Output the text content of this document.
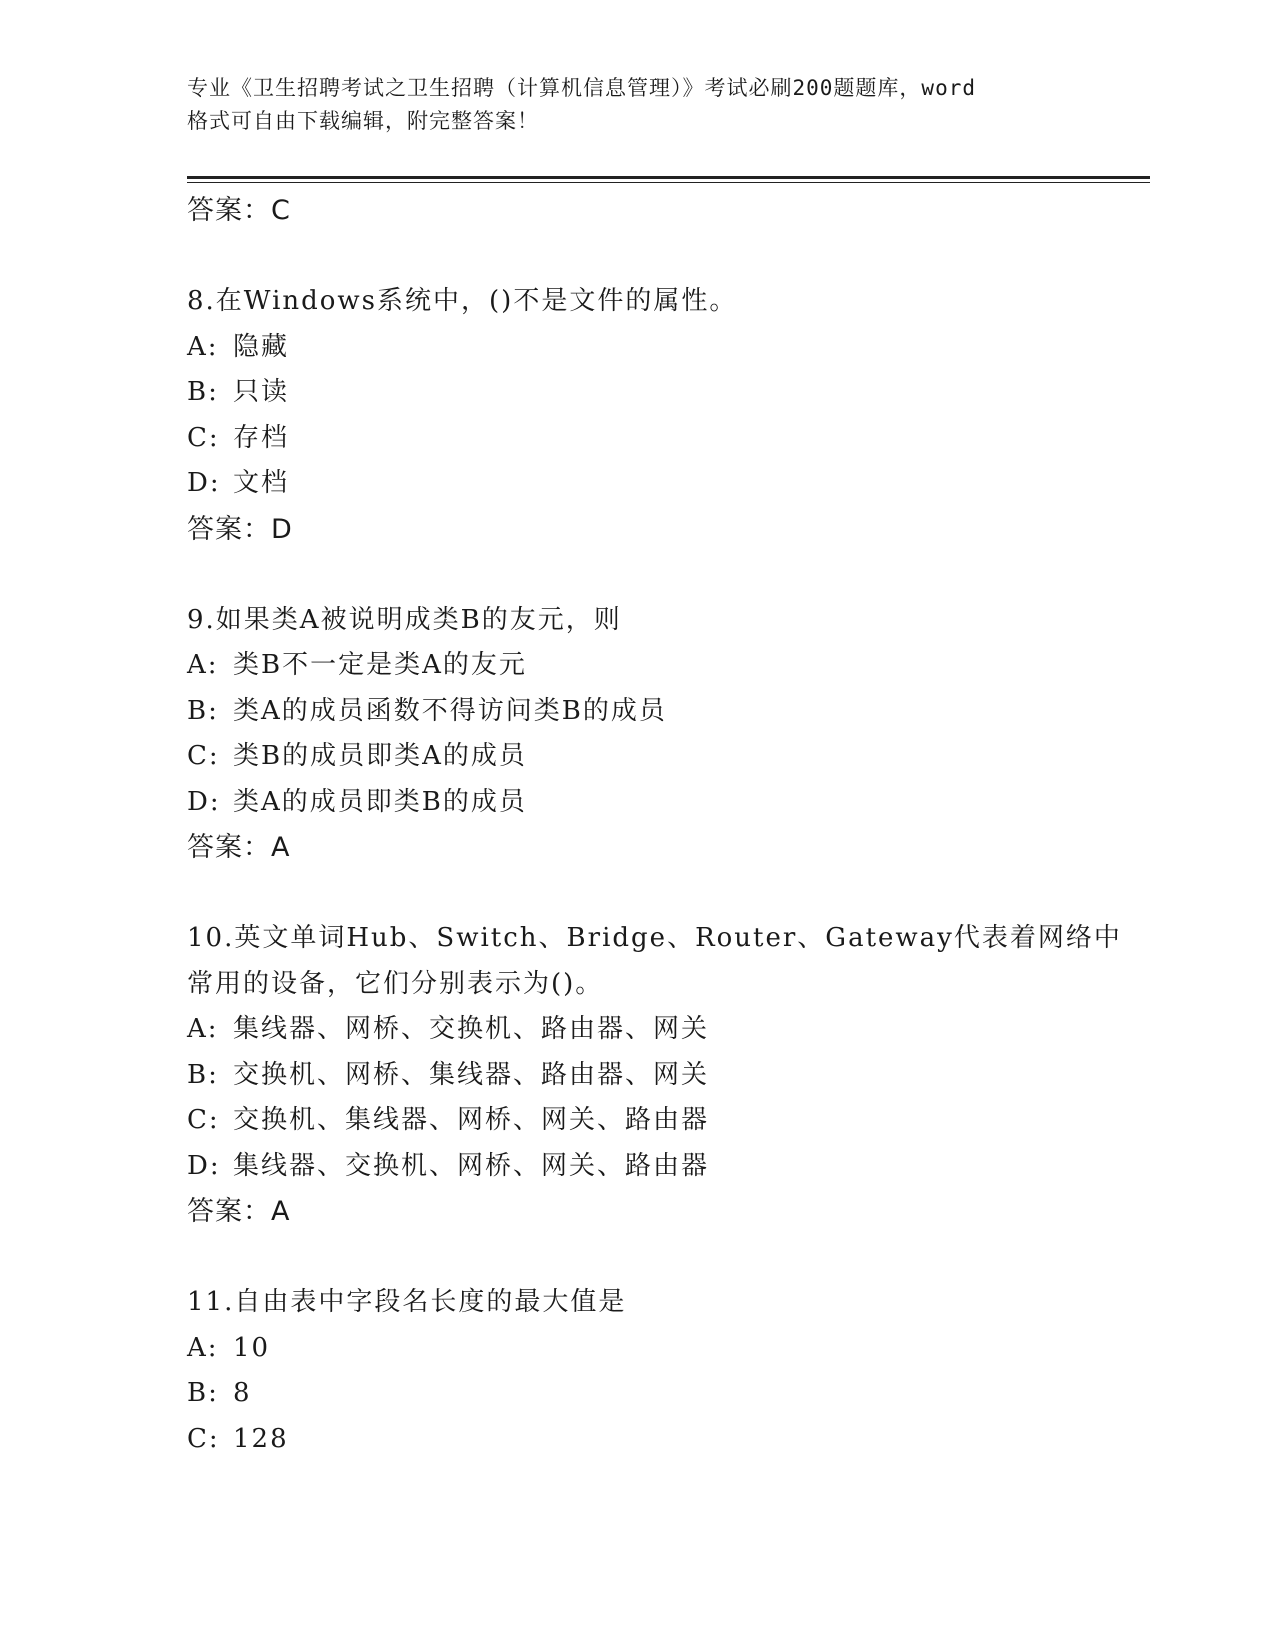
专业《卫生招聘考试之卫生招聘（计算机信息管理）》考试必刷200题题库，word
格式可自由下载编辑，附完整答案！
答案：C
8.在Windows系统中，()不是文件的属性。
A: 隐藏
B: 只读
C: 存档
D: 文档
答案：D
9.如果类A被说明成类B的友元，则
A: 类B不一定是类A的友元
B: 类A的成员函数不得访问类B的成员
C: 类B的成员即类A的成员
D: 类A的成员即类B的成员
答案：A
10.英文单词Hub、Switch、Bridge、Router、Gateway代表着网络中
常用的设备，它们分别表示为()。
A: 集线器、网桥、交换机、路由器、网关
B: 交换机、网桥、集线器、路由器、网关
C: 交换机、集线器、网桥、网关、路由器
D: 集线器、交换机、网桥、网关、路由器
答案：A
11.自由表中字段名长度的最大值是
A: 10
B: 8
C: 128
